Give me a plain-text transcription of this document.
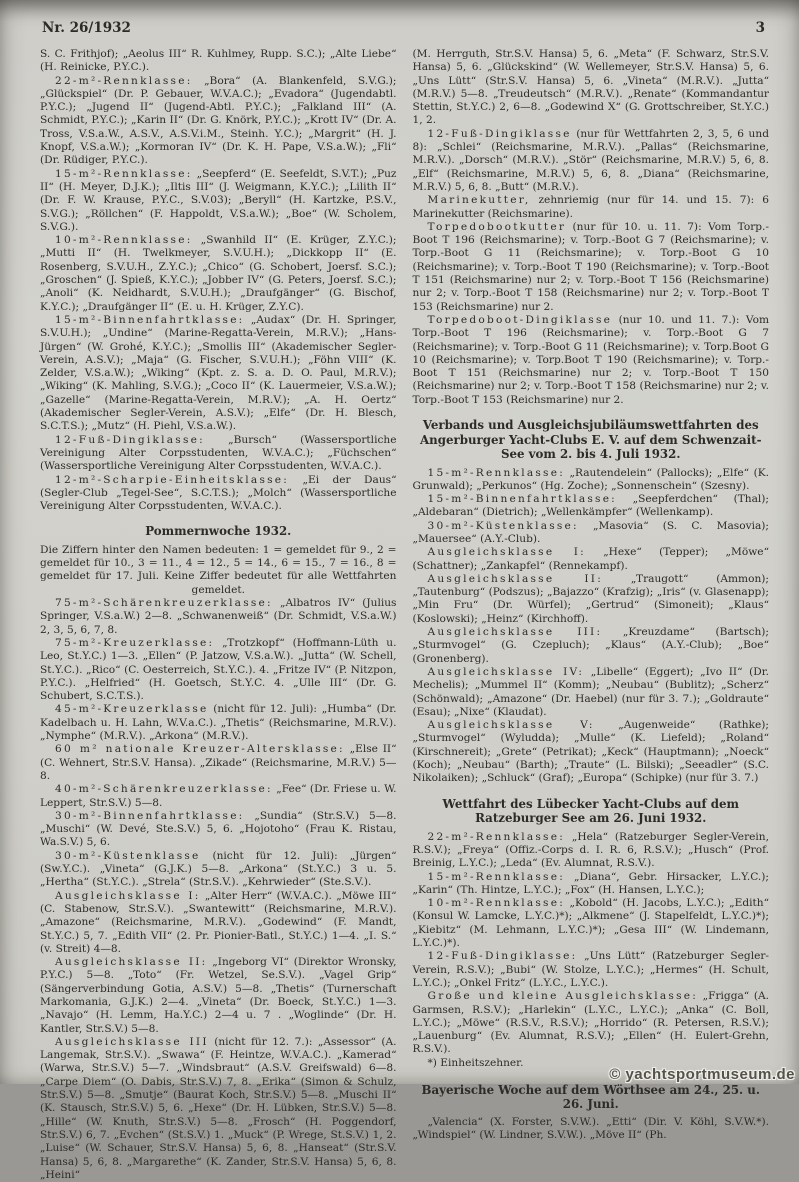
Nr. 26/1932	3

S. C. Frithjof); „Aeolus III“ R. Kuhlmey, Rupp. S.C.); „Alte Liebe“ (H. Reinicke, P.Y.C.).

22-m²-Rennklasse: „Bora“ (A. Blankenfeld, S.V.G.); „Glückspiel“ (Dr. P. Gebauer, W.V.A.C.); „Evadora“ (Jugendabtl. P.Y.C.); „Jugend II“ (Jugend-Abtl. P.Y.C.); „Falkland III“ (A. Schmidt, P.Y.C.); „Karin II“ (Dr. G. Knörk, P.Y.C.); „Krott IV“ (Dr. A. Tross, V.S.a.W., A.S.V., A.S.V.i.M., Steinh. Y.C.); „Margrit“ (H. J. Knopf, V.S.a.W.); „Kormoran IV“ (Dr. K. H. Pape, V.S.a.W.); „Fli“ (Dr. Rüdiger, P.Y.C.).

15-m²-Rennklasse: „Seepferd“ (E. Seefeldt, S.V.T.); „Puz II“ (H. Meyer, D.J.K.); „Iltis III“ (J. Weigmann, K.Y.C.); „Lilith II“ (Dr. F. W. Krause, P.Y.C., S.V.03); „Beryll“ (H. Kartzke, P.S.V., S.V.G.); „Röllchen“ (F. Happoldt, V.S.a.W.); „Boe“ (W. Scholem, S.V.G.).

10-m²-Rennklasse: „Swanhild II“ (E. Krüger, Z.Y.C.); „Mutti II“ (H. Twelkmeyer, S.V.U.H.); „Dickkopp II“ (E. Rosenberg, S.V.U.H., Z.Y.C.); „Chico“ (G. Schobert, Joersf. S.C.); „Groschen“ (J. Spieß, K.Y.C.); „Jobber IV“ (G. Peters, Joersf. S.C.); „Anoli“ (K. Neidhardt, S.V.U.H.); „Draufgänger“ (G. Bischof, K.Y.C.); „Draufgänger II“ (E. u. H. Krüger, Z.Y.C).

15-m²-Binnenfahrtklasse: „Audax“ (Dr. H. Springer, S.V.U.H.); „Undine“ (Marine-Regatta-Verein, M.R.V.); „Hans-Jürgen“ (W. Grohé, K.Y.C.); „Smollis III“ (Akademischer Segler-Verein, A.S.V.); „Maja“ (G. Fischer, S.V.U.H.); „Föhn VIII“ (K. Zelder, V.S.a.W.); „Wiking“ (Kpt. z. S. a. D. O. Paul, M.R.V.); „Wiking“ (K. Mahling, S.V.G.); „Coco II“ (K. Lauermeier, V.S.a.W.); „Gazelle“ (Marine-Regatta-Verein, M.R.V.); „A. H. Oertz“ (Akademischer Segler-Verein, A.S.V.); „Elfe“ (Dr. H. Blesch, S.C.T.S.); „Mutz“ (H. Piehl, V.S.a.W.).

12-Fuß-Dingiklasse: „Bursch“ (Wassersportliche Vereinigung Alter Corpsstudenten, W.V.A.C.); „Füchschen“ (Wassersportliche Vereinigung Alter Corpsstudenten, W.V.A.C.).

12-m²-Scharpie-Einheitsklasse: „Ei der Daus“ (Segler-Club „Tegel-See“, S.C.T.S.); „Molch“ (Wassersportliche Vereinigung Alter Corpsstudenten, W.V.A.C.).

Pommernwoche 1932.

Die Ziffern hinter den Namen bedeuten: 1 = gemeldet für 9., 2 = gemeldet für 10., 3 = 11., 4 = 12., 5 = 14., 6 = 15., 7 = 16., 8 = gemeldet für 17. Juli. Keine Ziffer bedeutet für alle Wettfahrten gemeldet.

75-m²-Schärenkreuzerklasse: „Albatros IV“ (Julius Springer, V.S.a.W.) 2—8. „Schwanenweiß“ (Dr. Schmidt, V.S.a.W.) 2, 3, 5, 6, 7, 8.

75-m²-Kreuzerklasse: „Trotzkopf“ (Hoffmann-Lüth u. Leo, St.Y.C.) 1—3. „Ellen“ (P. Jatzow, V.S.a.W.). „Jutta“ (W. Schell, St.Y.C.). „Rico“ (C. Oesterreich, St.Y.C.). 4. „Fritze IV“ (P. Nitzpon, P.Y.C.). „Helfried“ (H. Goetsch, St.Y.C. 4. „Ulle III“ (Dr. G. Schubert, S.C.T.S.).

45-m²-Kreuzerklasse (nicht für 12. Juli): „Humba“ (Dr. Kadelbach u. H. Lahn, W.V.a.C.). „Thetis“ (Reichsmarine, M.R.V.). „Nymphe“ (M.R.V.). „Arkona“ (M.R.V.).

60 m² nationale Kreuzer-Altersklasse: „Else II“ (C. Wehnert, Str.S.V. Hansa). „Zikade“ (Reichsmarine, M.R.V.) 5—8.

40-m²-Schärenkreuzerklasse: „Fee“ (Dr. Friese u. W. Leppert, Str.S.V.) 5—8.

30-m²-Binnenfahrtklasse: „Sundia“ (Str.S.V.) 5—8. „Muschi“ (W. Devé, Ste.S.V.) 5, 6. „Hojotoho“ (Frau K. Ristau, Wa.S.V.) 5, 6.

30-m²-Küstenklasse (nicht für 12. Juli): „Jürgen“ (Sw.Y.C.). „Vineta“ (G.J.K.) 5—8. „Arkona“ (St.Y.C.) 3 u. 5. „Hertha“ (St.Y.C.). „Strela“ (Str.S.V.). „Kehrwieder“ (Ste.S.V.).

Ausgleichsklasse I: „Alter Herr“ (W.V.A.C.). „Möwe III“ (C. Stabenow, Str.S.V.). „Swantewitt“ (Reichsmarine, M.R.V.). „Amazone“ (Reichsmarine, M.R.V.). „Godewind“ (F. Mandt, St.Y.C.) 5, 7. „Edith VII“ (2. Pr. Pionier-Batl., St.Y.C.) 1—4. „I. S.“ (v. Streit) 4—8.

Ausgleichsklasse II: „Ingeborg VI“ (Direktor Wronsky, P.Y.C.) 5—8. „Toto“ (Fr. Wetzel, Se.S.V.). „Vagel Grip“ (Sängerverbindung Gotia, A.S.V.) 5—8. „Thetis“ (Turnerschaft Markomania, G.J.K.) 2—4. „Vineta“ (Dr. Boeck, St.Y.C.) 1—3. „Navajo“ (H. Lemm, Ha.Y.C.) 2—4 u. 7 . „Woglinde“ (Dr. H. Kantler, Str.S.V.) 5—8.

Ausgleichsklasse III (nicht für 12. 7.): „Assessor“ (A. Langemak, Str.S.V.). „Swawa“ (F. Heintze, W.V.A.C.). „Kamerad“ (Warwa, Str.S.V.) 5—7. „Windsbraut“ (A.S.V. Greifswald) 6—8. „Carpe Diem“ (O. Dabis, Str.S.V.) 7, 8. „Erika“ (Simon & Schulz, Str.S.V.) 5—8. „Smutje“ (Baurat Koch, Str.S.V.) 5—8. „Muschi II“ (K. Stausch, Str.S.V.) 5, 6. „Hexe“ (Dr. H. Lübken, Str.S.V.) 5—8. „Hille“ (W. Knuth, Str.S.V.) 5—8. „Frosch“ (H. Poggendorf, Str.S.V.) 6, 7. „Evchen“ (St.S.V.) 1. „Muck“ (P. Wrege, St.S.V.) 1, 2. „Luise“ (W. Schauer, Str.S.V. Hansa) 5, 6, 8. „Hanseat“ (Str.S.V. Hansa) 5, 6, 8. „Margarethe“ (K. Zander, Str.S.V. Hansa) 5, 6, 8. „Heini“

(M. Herrguth, Str.S.V. Hansa) 5, 6. „Meta“ (F. Schwarz, Str.S.V. Hansa) 5, 6. „Glückskind“ (W. Wellemeyer, Str.S.V. Hansa) 5, 6. „Uns Lütt“ (Str.S.V. Hansa) 5, 6. „Vineta“ (M.R.V.). „Jutta“ (M.R.V.) 5—8. „Treudeutsch“ (M.R.V.). „Renate“ (Kommandantur Stettin, St.Y.C.) 2, 6—8. „Godewind X“ (G. Grottschreiber, St.Y.C.) 1, 2.

12-Fuß-Dingiklasse (nur für Wettfahrten 2, 3, 5, 6 und 8): „Schlei“ (Reichsmarine, M.R.V.). „Pallas“ (Reichsmarine, M.R.V.). „Dorsch“ (M.R.V.). „Stör“ (Reichsmarine, M.R.V.) 5, 6, 8. „Elf“ (Reichsmarine, M.R.V.) 5, 6, 8. „Diana“ (Reichsmarine, M.R.V.) 5, 6, 8. „Butt“ (M.R.V.).

Marinekutter, zehnriemig (nur für 14. und 15. 7): 6 Marinekutter (Reichsmarine).

Torpedobootkutter (nur für 10. u. 11. 7): Vom Torp.-Boot T 196 (Reichsmarine); v. Torp.-Boot G 7 (Reichsmarine); v. Torp.-Boot G 11 (Reichsmarine); v. Torp.-Boot G 10 (Reichsmarine); v. Torp.-Boot T 190 (Reichsmarine); v. Torp.-Boot T 151 (Reichsmarine) nur 2; v. Torp.-Boot T 156 (Reichsmarine) nur 2; v. Torp.-Boot T 158 (Reichsmarine) nur 2; v. Torp.-Boot T 153 (Reichsmarine) nur 2.

Torpedoboot-Dingiklasse (nur 10. und 11. 7.): Vom Torp.-Boot T 196 (Reichsmarine); v. Torp.-Boot G 7 (Reichsmarine); v. Torp.-Boot G 11 (Reichsmarine); v. Torp.Boot G 10 (Reichsmarine); v. Torp.Boot T 190 (Reichsmarine); v. Torp.-Boot T 151 (Reichsmarine) nur 2; v. Torp.-Boot T 150 (Reichsmarine) nur 2; v. Torp.-Boot T 158 (Reichsmarine) nur 2; v. Torp.-Boot T 153 (Reichsmarine) nur 2.

Verbands und Ausgleichsjubiläumswettfahrten des Angerburger Yacht-Clubs E. V. auf dem Schwenzait-See vom 2. bis 4. Juli 1932.

15-m²-Rennklasse: „Rautendelein“ (Pallocks); „Elfe“ (K. Grunwald); „Perkunos“ (Hg. Zoche); „Sonnenschein“ (Szesny).

15-m²-Binnenfahrtklasse: „Seepferdchen“ (Thal); „Aldebaran“ (Dietrich); „Wellenkämpfer“ (Wellenkamp).

30-m²-Küstenklasse: „Masovia“ (S. C. Masovia); „Mauersee“ (A.Y.-Club).

Ausgleichsklasse I: „Hexe“ (Tepper); „Möwe“ (Schattner); „Zankapfel“ (Rennekampf).

Ausgleichsklasse II: „Traugott“ (Ammon); „Tautenburg“ (Podszus); „Bajazzo“ (Krafzig); „Iris“ (v. Glasenapp); „Min Fru“ (Dr. Würfel); „Gertrud“ (Simoneit); „Klaus“ (Koslowski); „Heinz“ (Kirchhoff).

Ausgleichsklasse III: „Kreuzdame“ (Bartsch); „Sturmvogel“ (G. Czepluch); „Klaus“ (A.Y.-Club); „Boe“ (Gronenberg).

Ausgleichsklasse IV: „Libelle“ (Eggert); „Ivo II“ (Dr. Mechelis); „Mummel II“ (Komm); „Neubau“ (Bublitz); „Scherz“ (Schönwald); „Amazone“ (Dr. Haebel) (nur für 3. 7.); „Goldraute“ (Esau); „Nixe“ (Klaudat).

Ausgleichsklasse V: „Augenweide“ (Rathke); „Sturmvogel“ (Wyludda); „Mulle“ (K. Liefeld); „Roland“ (Kirschnereit); „Grete“ (Petrikat); „Keck“ (Hauptmann); „Noeck“ (Koch); „Neubau“ (Barth); „Traute“ (L. Bilski); „Seeadler“ (S.C. Nikolaiken); „Schluck“ (Graf); „Europa“ (Schipke) (nur für 3. 7.)

Wettfahrt des Lübecker Yacht-Clubs auf dem Ratzeburger See am 26. Juni 1932.

22-m²-Rennklasse: „Hela“ (Ratzeburger Segler-Verein, R.S.V.); „Freya“ (Offiz.-Corps d. I. R. 6, R.S.V.); „Husch“ (Prof. Breinig, L.Y.C.); „Leda“ (Ev. Alumnat, R.S.V.).

15-m²-Rennklasse: „Diana“, Gebr. Hirsacker, L.Y.C.); „Karin“ (Th. Hintze, L.Y.C.); „Fox“ (H. Hansen, L.Y.C.);

10-m²-Rennklasse: „Kobold“ (H. Jacobs, L.Y.C.); „Edith“ (Konsul W. Lamcke, L.Y.C.)*); „Alkmene“ (J. Stapelfeldt, L.Y.C.)*); „Kiebitz“ (M. Lehmann, L.Y.C.)*); „Gesa III“ (W. Lindemann, L.Y.C.)*).

12-Fuß-Dingiklasse: „Uns Lütt“ (Ratzeburger Segler-Verein, R.S.V.); „Bubi“ (W. Stolze, L.Y.C.); „Hermes“ (H. Schult, L.Y.C.); „Onkel Fritz“ (L.Y.C., L.Y.C.).

Große und kleine Ausgleichsklasse: „Frigga“ (A. Garmsen, R.S.V.); „Harlekin“ (L.Y.C., L.Y.C.); „Anka“ (C. Boll, L.Y.C.); „Möwe“ (R.S.V., R.S.V.); „Horrido“ (R. Petersen, R.S.V.); „Lauenburg“ (Ev. Alumnat, R.S.V.); „Ellen“ (H. Eulert-Grehn, R.S.V.).

*) Einheitszehner.

Bayerische Woche auf dem Wörthsee am 24., 25. u. 26. Juni.

„Valencia“ (X. Forster, S.V.W.). „Etti“ (Dir. V. Köhl, S.V.W.*). „Windspiel“ (W. Lindner, S.V.W.). „Möve II“ (Ph.

© yachtsportmuseum.de
